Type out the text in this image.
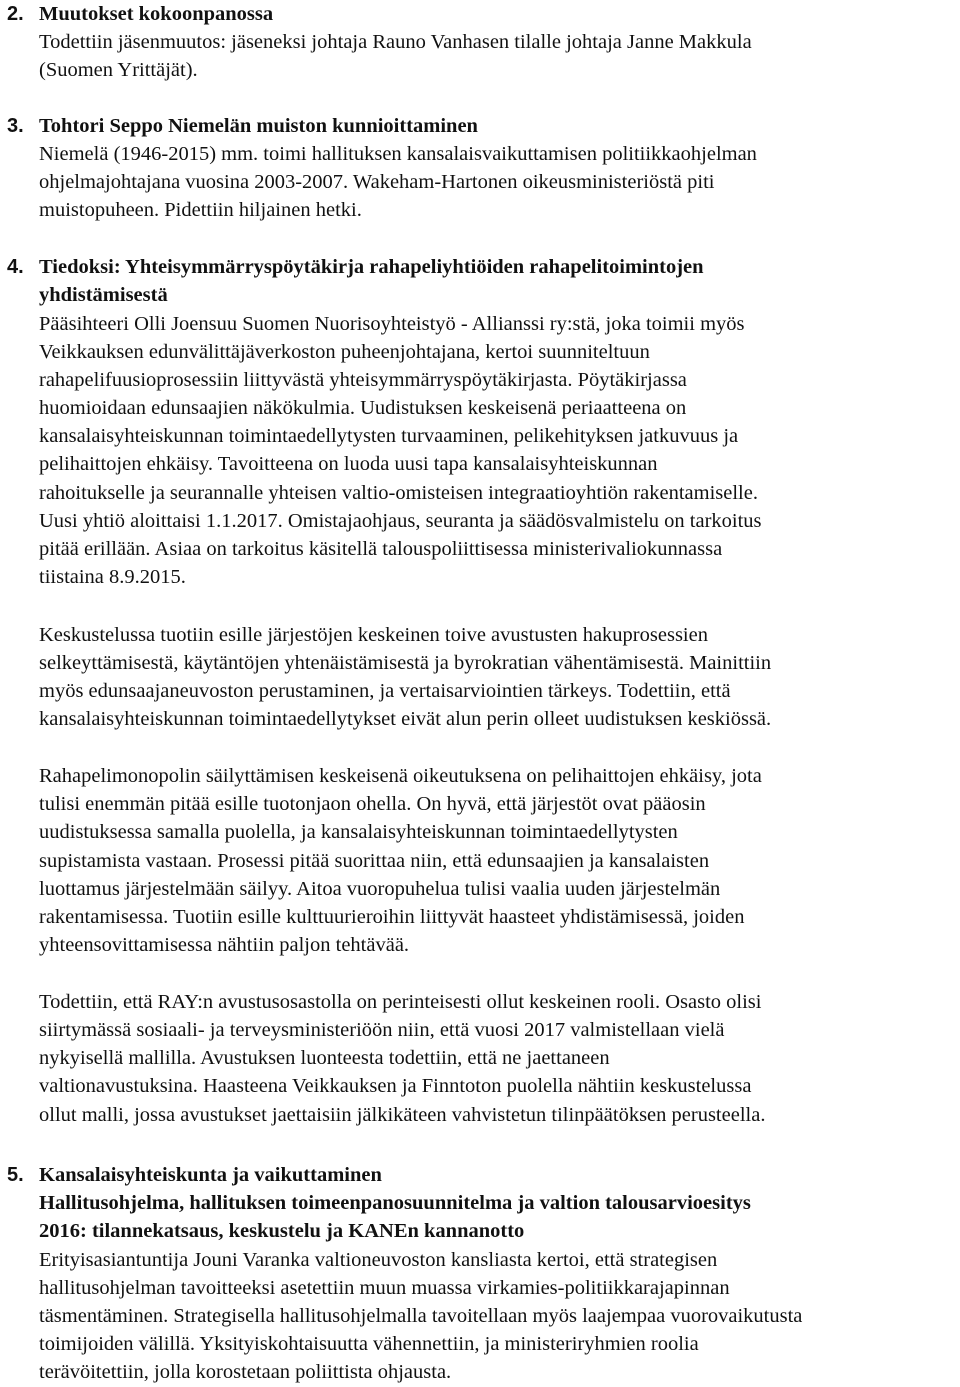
2. Muutokset kokoonpanossa
Todettiin jäsenmuutos: jäseneksi johtaja Rauno Vanhasen tilalle johtaja Janne Makkula
(Suomen Yrittäjät).
3. Tohtori Seppo Niemelän muiston kunnioittaminen
Niemelä (1946-2015) mm. toimi hallituksen kansalaisvaikuttamisen politiikkaohjelman
ohjelmajohtajana vuosina 2003-2007. Wakeham-Hartonen oikeusministeriöstä piti
muistopuheen. Pidettiin hiljainen hetki.
4. Tiedoksi: Yhteisymmärryspöytäkirja rahapeliyhtiöiden rahapelitoimintojen
yhdistämisestä
Pääsihteeri Olli Joensuu Suomen Nuorisoyhteistyö - Allianssi ry:stä, joka toimii myös
Veikkauksen edunvälittäjäverkoston puheenjohtajana, kertoi suunniteltuun
rahapelifuusioprosessiin liittyvästä yhteisymmärryspöytäkirjasta. Pöytäkirjassa
huomioidaan edunsaajien näkökulmia. Uudistuksen keskeisenä periaatteena on
kansalaisyhteiskunnan toimintaedellytysten turvaaminen, pelikehityksen jatkuvuus ja
pelihaittojen ehkäisy. Tavoitteena on luoda uusi tapa kansalaisyhteiskunnan
rahoitukselle ja seurannalle yhteisen valtio-omisteisen integraatioyhtiön rakentamiselle.
Uusi yhtiö aloittaisi 1.1.2017. Omistajaohjaus, seuranta ja säädösvalmistelu on tarkoitus
pitää erillään. Asiaa on tarkoitus käsitellä talouspoliittisessa ministerivaliokunnassa
tiistaina 8.9.2015.
Keskustelussa tuotiin esille järjestöjen keskeinen toive avustusten hakuprosessien
selkeyttämisestä, käytäntöjen yhtenäistämisestä ja byrokratian vähentämisestä. Mainittiin
myös edunsaajaneuvoston perustaminen, ja vertaisarviointien tärkeys. Todettiin, että
kansalaisyhteiskunnan toimintaedellytykset eivät alun perin olleet uudistuksen keskiössä.
Rahapelimonopolin säilyttämisen keskeisenä oikeutuksena on pelihaittojen ehkäisy, jota
tulisi enemmän pitää esille tuotonjaon ohella. On hyvä, että järjestöt ovat pääosin
uudistuksessa samalla puolella, ja kansalaisyhteiskunnan toimintaedellytysten
supistamista vastaan. Prosessi pitää suorittaa niin, että edunsaajien ja kansalaisten
luottamus järjestelmään säilyy. Aitoa vuoropuhelua tulisi vaalia uuden järjestelmän
rakentamisessa. Tuotiin esille kulttuurieroihin liittyvät haasteet yhdistämisessä, joiden
yhteensovittamisessa nähtiin paljon tehtävää.
Todettiin, että RAY:n avustusosastolla on perinteisesti ollut keskeinen rooli. Osasto olisi
siirtymässä sosiaali- ja terveysministeriöön niin, että vuosi 2017 valmistellaan vielä
nykyisellä mallilla. Avustuksen luonteesta todettiin, että ne jaettaneen
valtionavustuksina. Haasteena Veikkauksen ja Finntoton puolella nähtiin keskustelussa
ollut malli, jossa avustukset jaettaisiin jälkikäteen vahvistetun tilinpäätöksen perusteella.
5. Kansalaisyhteiskunta ja vaikuttaminen
Hallitusohjelma, hallituksen toimeenpanosuunnitelma ja valtion talousarvioesitys
2016: tilannekatsaus, keskustelu ja KANEn kannanotto
Erityisasiantuntija Jouni Varanka valtioneuvoston kansliasta kertoi, että strategisen
hallitusohjelman tavoitteeksi asetettiin muun muassa virkamies-politiikkarajapinnan
täsmentäminen. Strategisella hallitusohjelmalla tavoitellaan myös laajempaa vuorovaikutusta
toimijoiden välillä. Yksityiskohtaisuutta vähennettiin, ja ministeriryhmien roolia
terävöitettiin, jolla korostetaan poliittista ohjausta.
